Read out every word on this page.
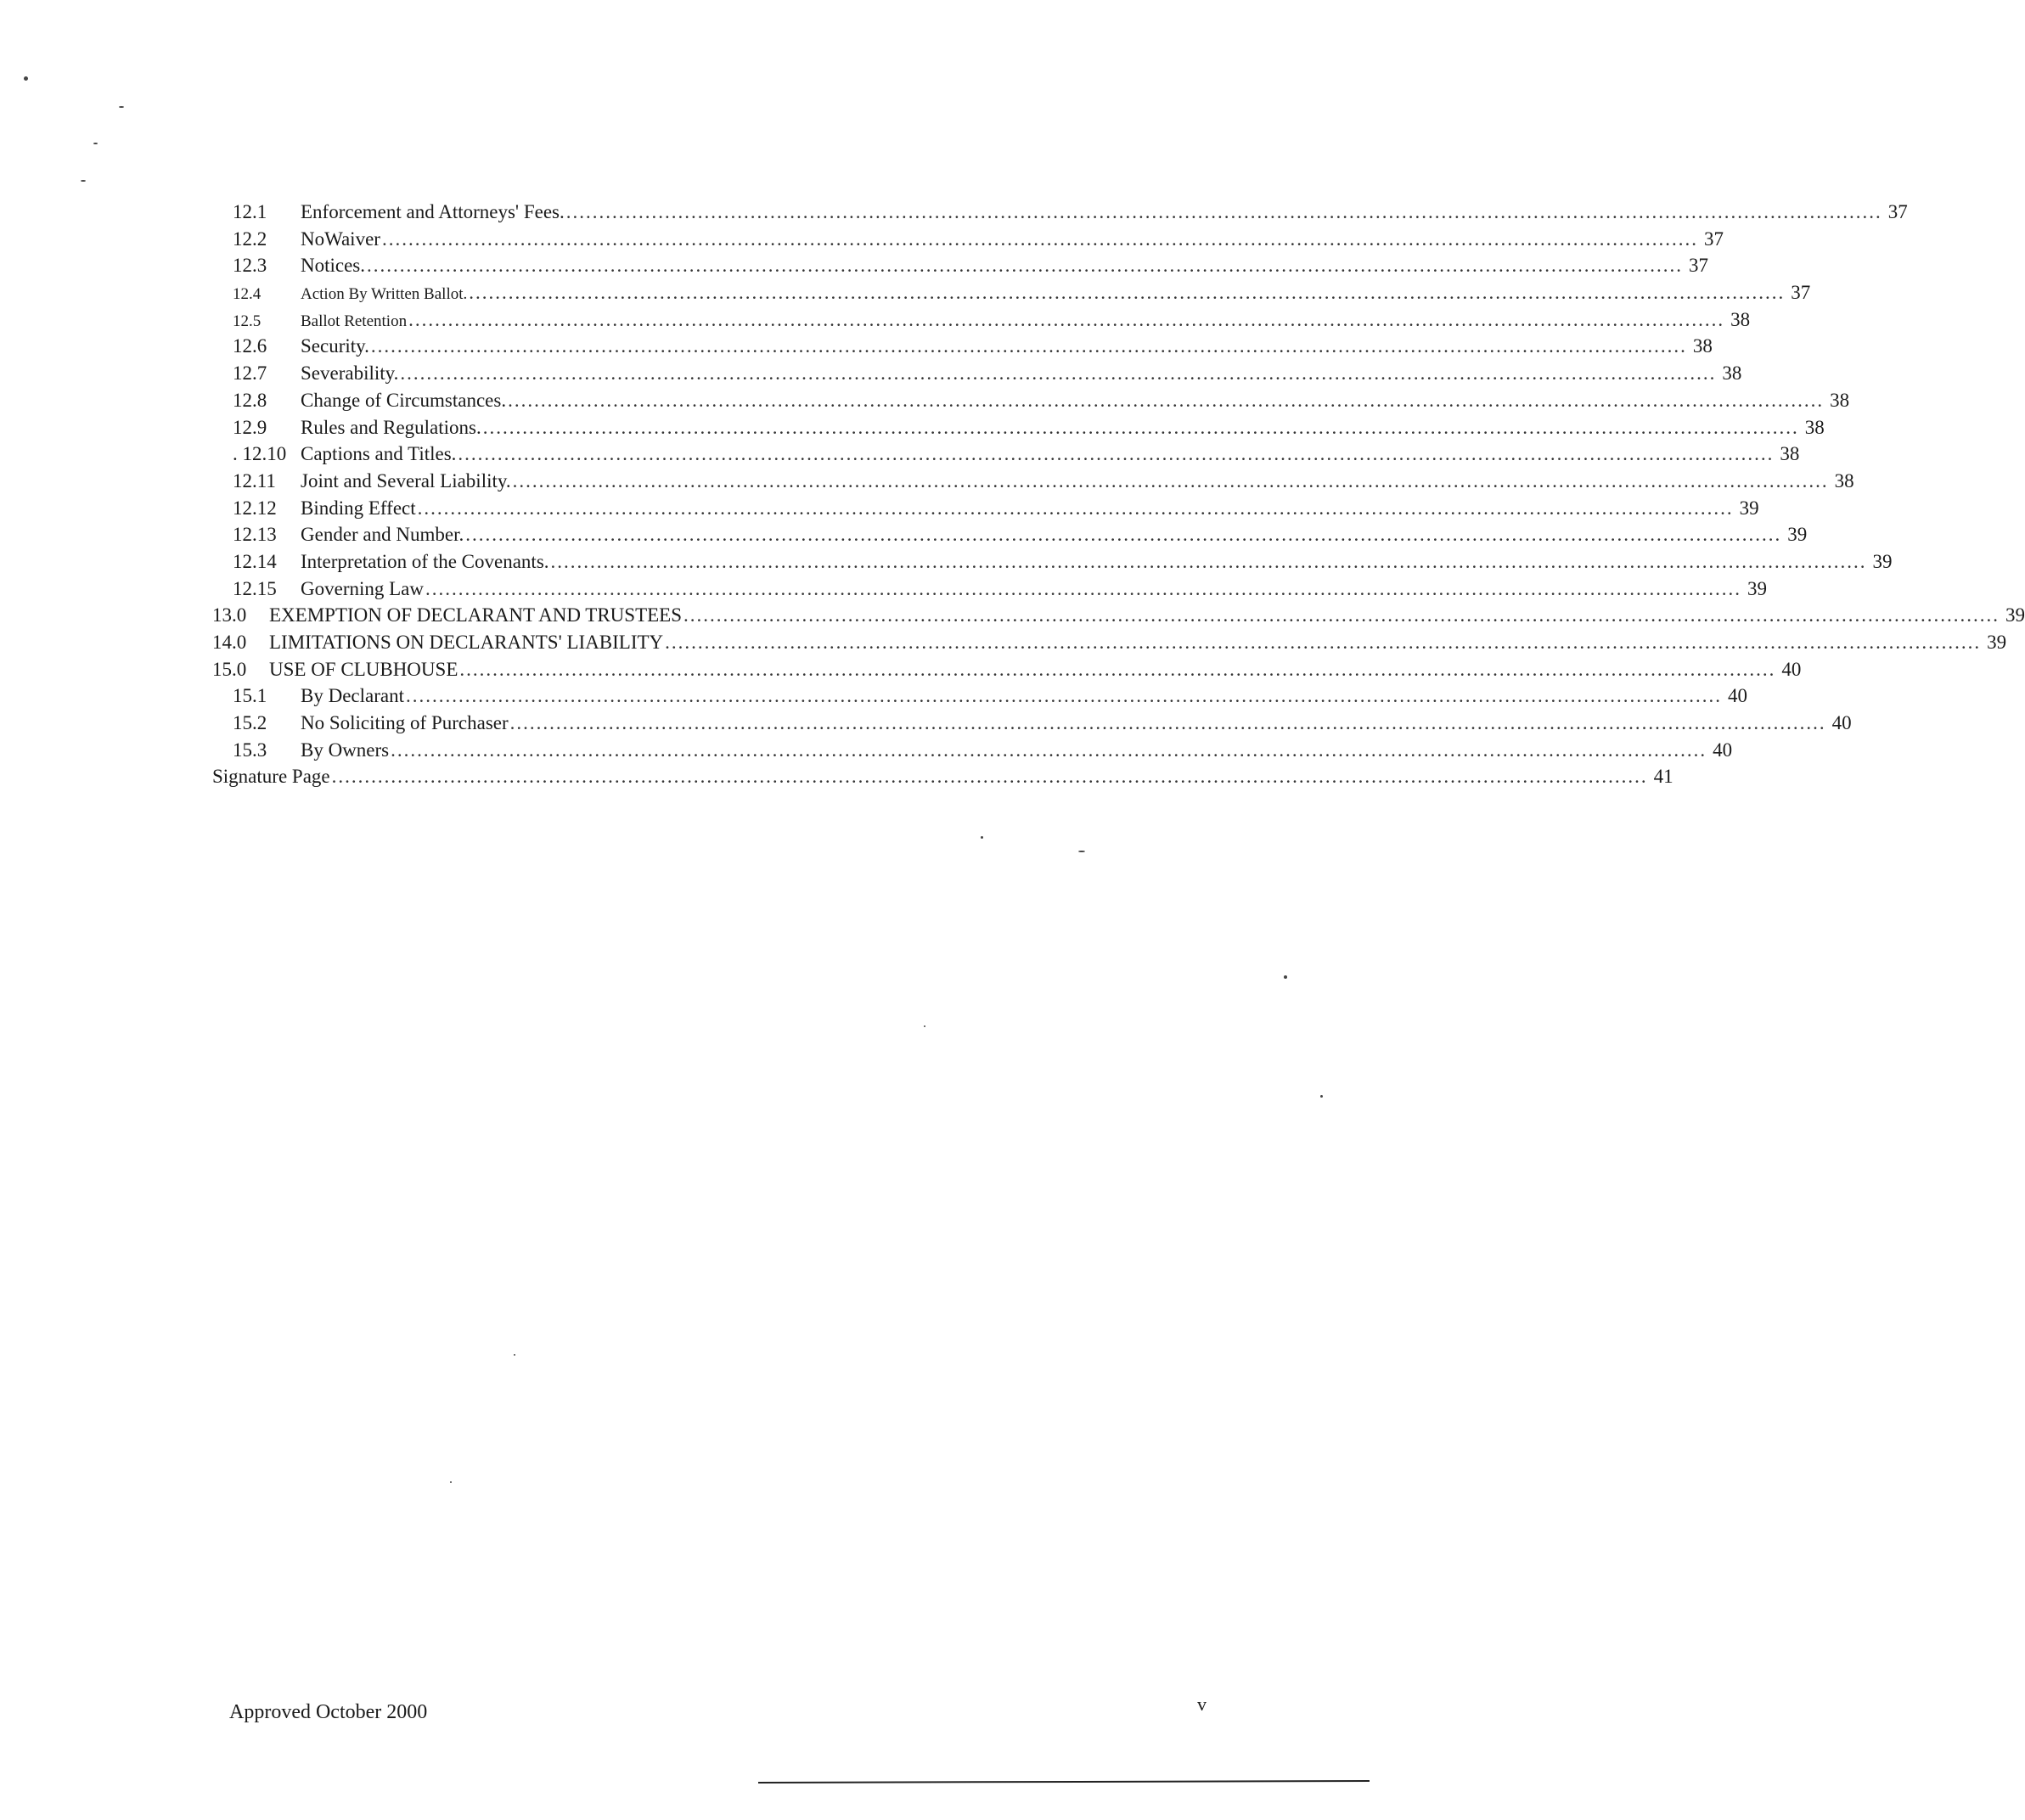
12.1	Enforcement and Attorneys' Fees. ........................................................................................................................................................................................................ 37
12.2	NoWaiver ........................................................................................................................................................................................................ 37
12.3	Notices. ........................................................................................................................................................................................................ 37
12.4	Action By Written Ballot. ........................................................................................................................................................................................................ 37
12.5	Ballot Retention ........................................................................................................................................................................................................ 38
12.6	Security. ........................................................................................................................................................................................................ 38
12.7	Severability. ........................................................................................................................................................................................................ 38
12.8	Change of Circumstances. ........................................................................................................................................................................................................ 38
12.9	Rules and Regulations. ........................................................................................................................................................................................................ 38
. 12.10 Captions and Titles. ........................................................................................................................................................................................................ 38
12.11	Joint and Several Liability. ........................................................................................................................................................................................................ 38
12.12	Binding Effect ........................................................................................................................................................................................................ 39
12.13	Gender and Number. ........................................................................................................................................................................................................ 39
12.14	Interpretation of the Covenants. ........................................................................................................................................................................................................ 39
12.15	Governing Law ........................................................................................................................................................................................................ 39
13.0	EXEMPTION OF DECLARANT AND TRUSTEES ........................................................................................................................................................................................................ 39
14.0	LIMITATIONS ON DECLARANTS' LIABILITY ........................................................................................................................................................................................................ 39
15.0	USE OF CLUBHOUSE ........................................................................................................................................................................................................ 40
15.1	By Declarant ........................................................................................................................................................................................................ 40
15.2	No Soliciting of Purchaser ........................................................................................................................................................................................................ 40
15.3	By Owners ........................................................................................................................................................................................................ 40
Signature Page ........................................................................................................................................................................................................ 41
Approved October 2000	v
